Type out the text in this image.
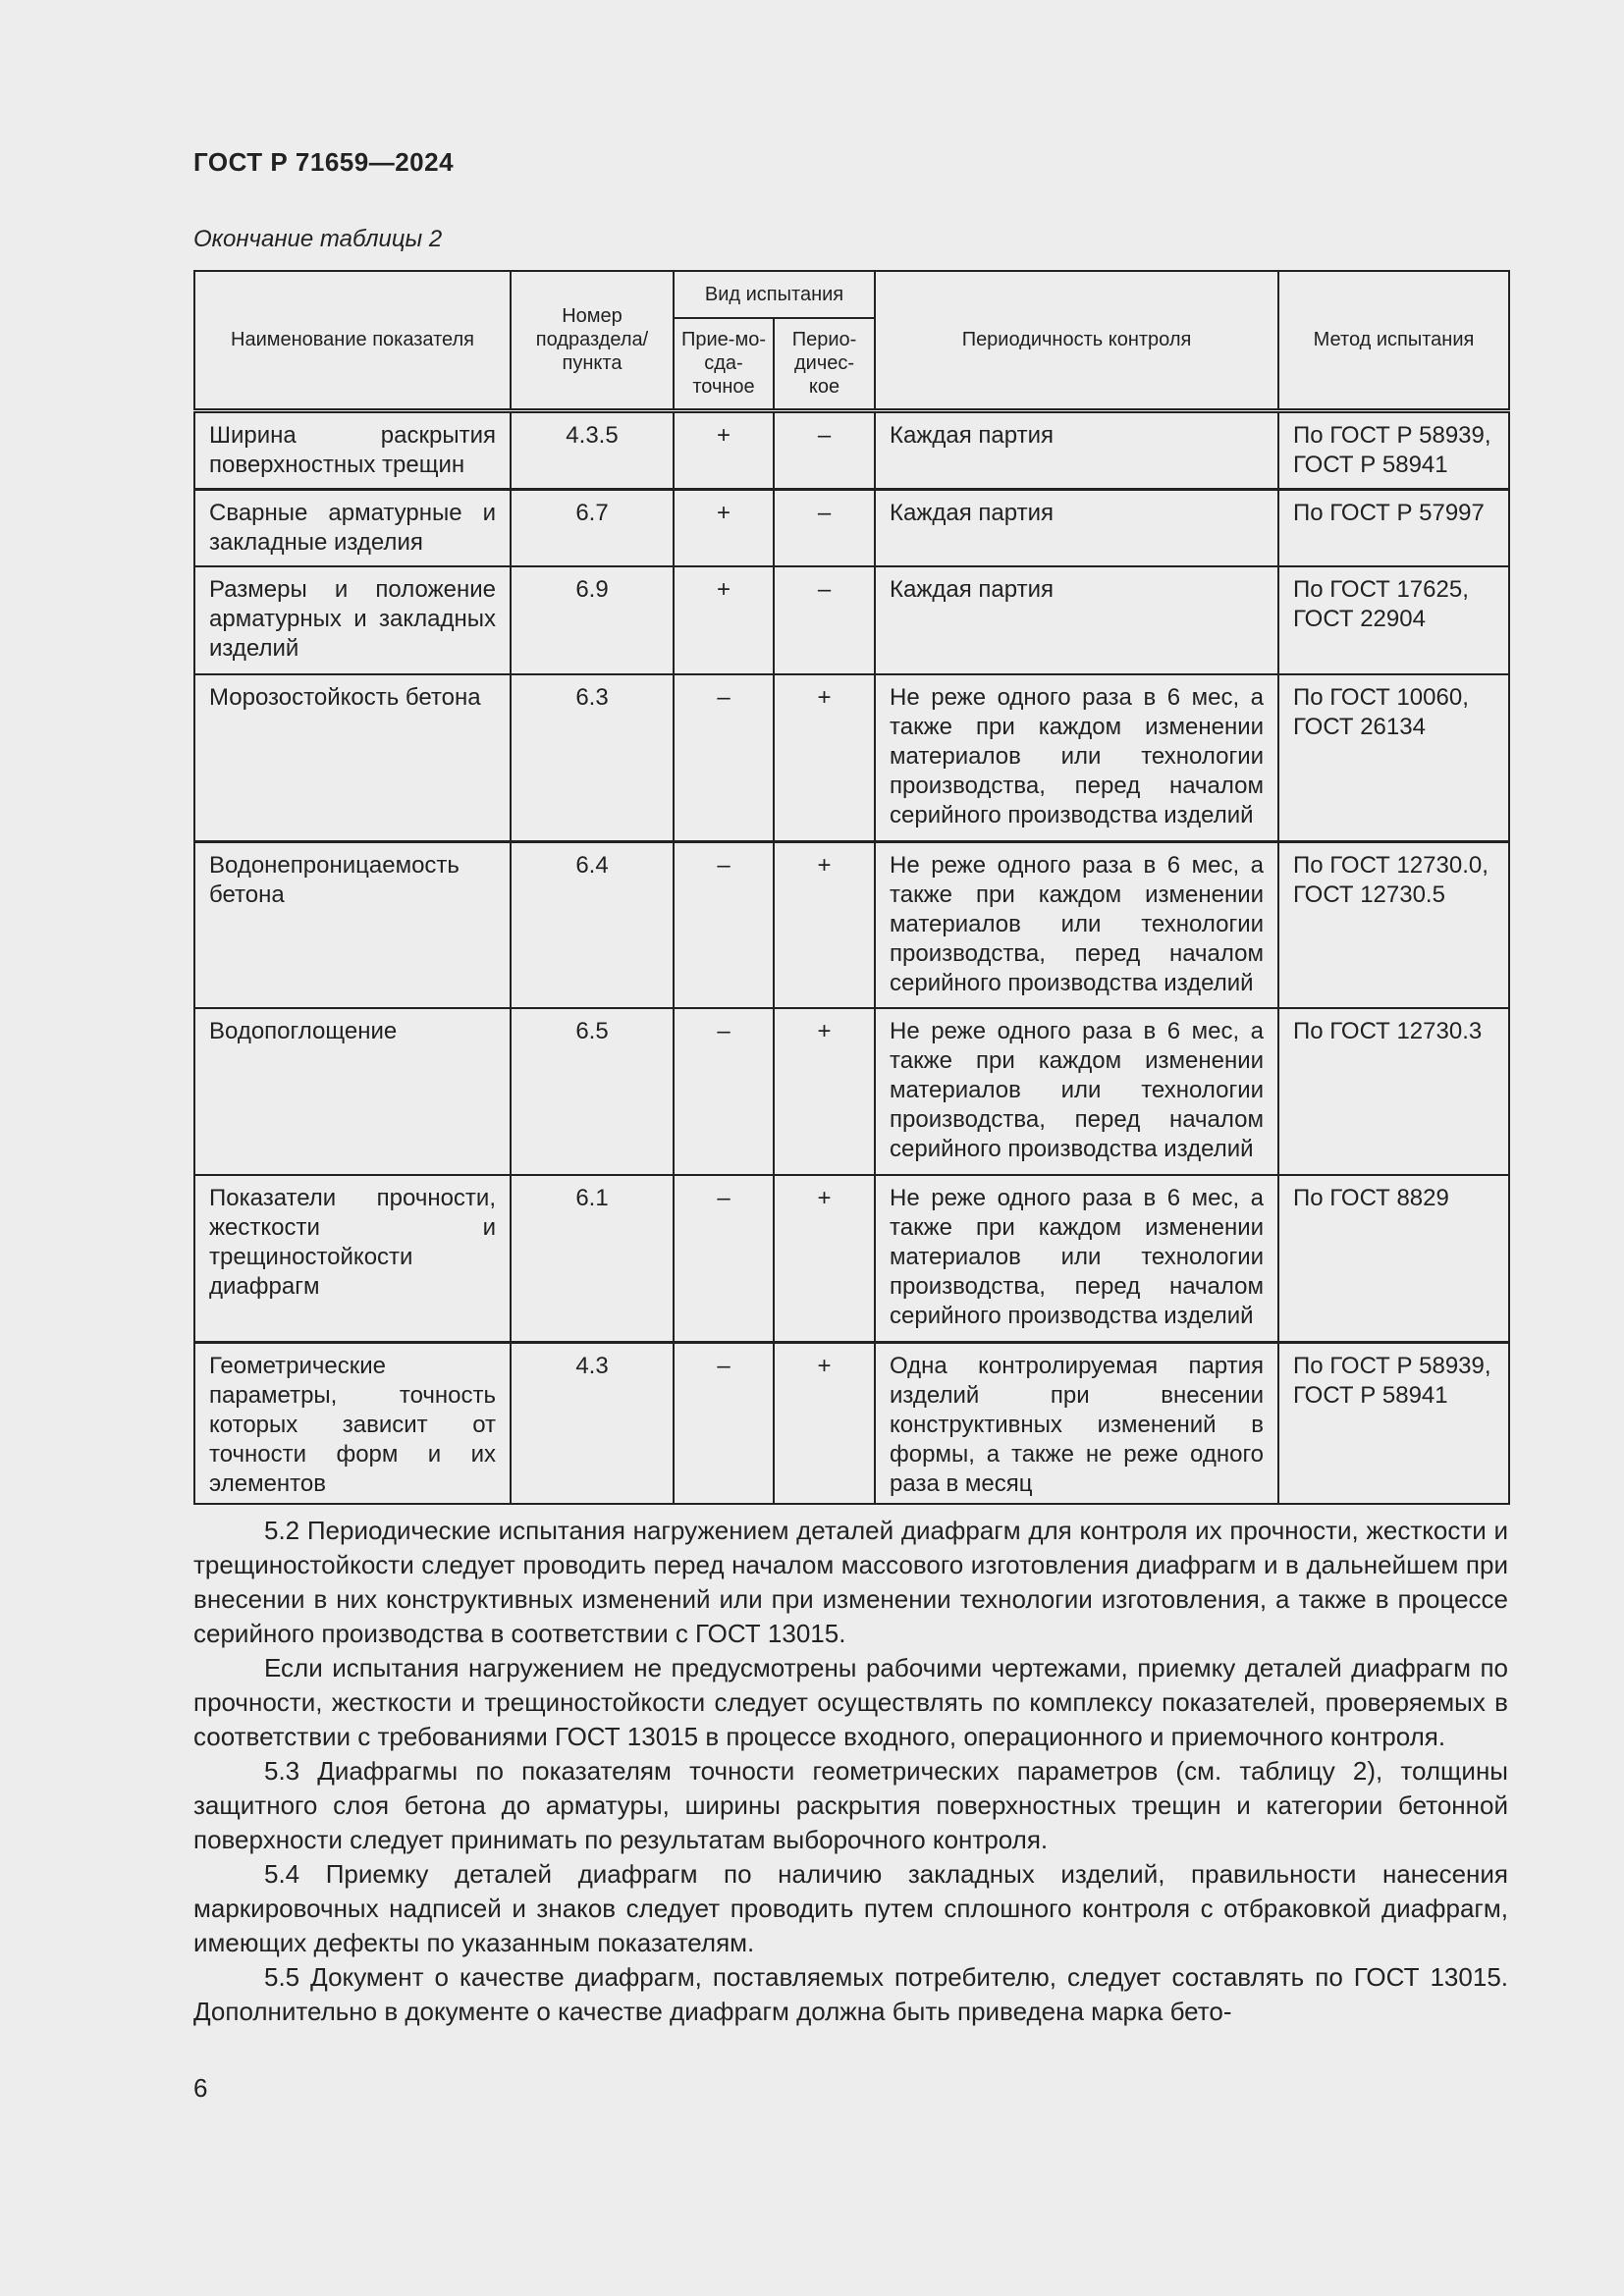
ГОСТ Р 71659—2024
Окончание таблицы 2
Наименование показателя	Номер подраздела/ пункта	Вид испытания		Периодичность контроля	Метод испытания
		Прие-мо-сда-точное	Перио-дичес-кое		
Ширина раскрытия поверхностных трещин	4.3.5	+	–	Каждая партия	По ГОСТ Р 58939, ГОСТ Р 58941
Сварные арматурные и закладные изделия	6.7	+	–	Каждая партия	По ГОСТ Р 57997
Размеры и положение арматурных и закладных изделий	6.9	+	–	Каждая партия	По ГОСТ 17625, ГОСТ 22904
Морозостойкость бетона	6.3	–	+	Не реже одного раза в 6 мес, а также при каждом изменении материалов или технологии производства, перед началом серийного производства изделий	По ГОСТ 10060, ГОСТ 26134
Водонепроницаемость бетона	6.4	–	+	Не реже одного раза в 6 мес, а также при каждом изменении материалов или технологии производства, перед началом серийного производства изделий	По ГОСТ 12730.0, ГОСТ 12730.5
Водопоглощение	6.5	–	+	Не реже одного раза в 6 мес, а также при каждом изменении материалов или технологии производства, перед началом серийного производства изделий	По ГОСТ 12730.3
Показатели прочности, жесткости и трещиностойкости диафрагм	6.1	–	+	Не реже одного раза в 6 мес, а также при каждом изменении материалов или технологии производства, перед началом серийного производства изделий	По ГОСТ 8829
Геометрические параметры, точность которых зависит от точности форм и их элементов	4.3	–	+	Одна контролируемая партия изделий при внесении конструктивных изменений в формы, а также не реже одного раза в месяц	По ГОСТ Р 58939, ГОСТ Р 58941

5.2 Периодические испытания нагружением деталей диафрагм для контроля их прочности, жесткости и трещиностойкости следует проводить перед началом массового изготовления диафрагм и в дальнейшем при внесении в них конструктивных изменений или при изменении технологии изготовления, а также в процессе серийного производства в соответствии с ГОСТ 13015.

Если испытания нагружением не предусмотрены рабочими чертежами, приемку деталей диафрагм по прочности, жесткости и трещиностойкости следует осуществлять по комплексу показателей, проверяемых в соответствии с требованиями ГОСТ 13015 в процессе входного, операционного и приемочного контроля.

5.3 Диафрагмы по показателям точности геометрических параметров (см. таблицу 2), толщины защитного слоя бетона до арматуры, ширины раскрытия поверхностных трещин и категории бетонной поверхности следует принимать по результатам выборочного контроля.

5.4 Приемку деталей диафрагм по наличию закладных изделий, правильности нанесения маркировочных надписей и знаков следует проводить путем сплошного контроля с отбраковкой диафрагм, имеющих дефекты по указанным показателям.

5.5 Документ о качестве диафрагм, поставляемых потребителю, следует составлять по ГОСТ 13015. Дополнительно в документе о качестве диафрагм должна быть приведена марка бето-

6
